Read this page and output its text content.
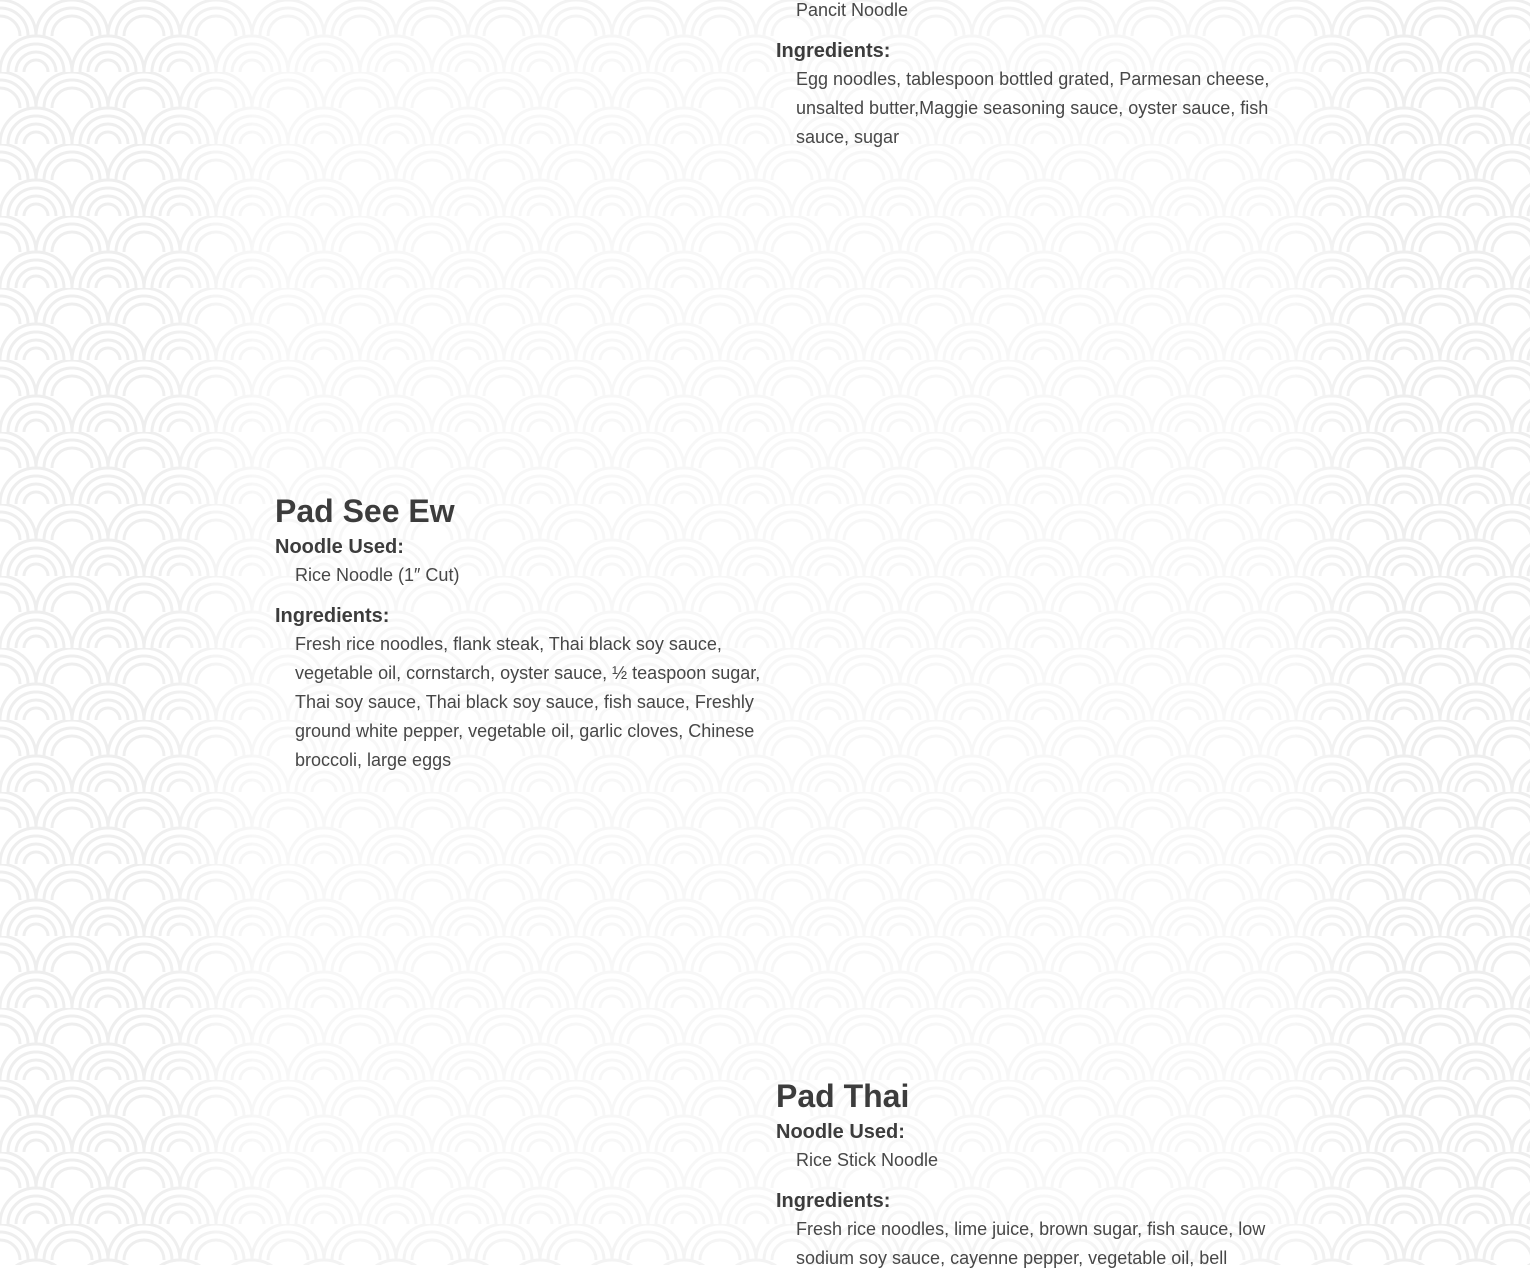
Pancit Noodle
Ingredients:
Egg noodles, tablespoon bottled grated, Parmesan cheese, unsalted butter,Maggie seasoning sauce, oyster sauce, fish sauce, sugar
Pad See Ew
Noodle Used:
Rice Noodle (1″ Cut)
Ingredients:
Fresh rice noodles, flank steak, Thai black soy sauce, vegetable oil, cornstarch, oyster sauce, ½ teaspoon sugar, Thai soy sauce, Thai black soy sauce, fish sauce, Freshly ground white pepper, vegetable oil, garlic cloves, Chinese broccoli, large eggs
Pad Thai
Noodle Used:
Rice Stick Noodle
Ingredients:
Fresh rice noodles, lime juice, brown sugar, fish sauce, low sodium soy sauce, cayenne pepper, vegetable oil, bell
